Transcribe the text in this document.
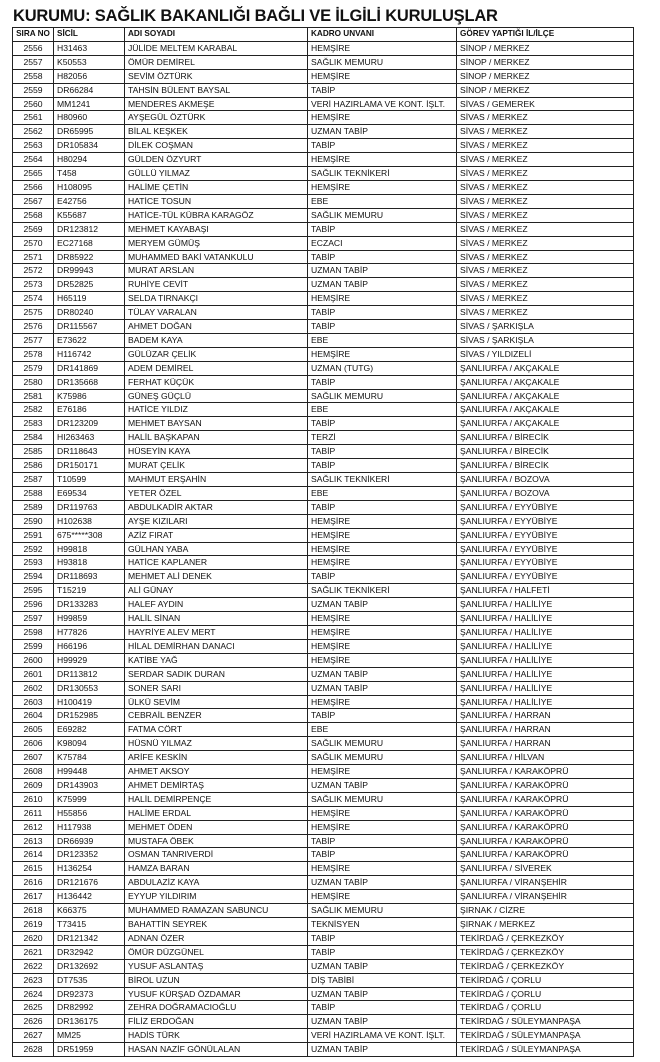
KURUMU: SAĞLIK BAKANLIĞI BAĞLI VE İLGİLİ KURULUŞLAR
SIRA NO	SİCİL	ADI SOYADI	KADRO UNVANI	GÖREV YAPTIĞI İL/İLÇE
2556	H31463	JÜLİDE MELTEM KARABAL	HEMŞİRE	SİNOP / MERKEZ
2557	K50553	ÖMÜR DEMİREL	SAĞLIK MEMURU	SİNOP / MERKEZ
2558	H82056	SEVİM ÖZTÜRK	HEMŞİRE	SİNOP / MERKEZ
2559	DR66284	TAHSİN BÜLENT BAYSAL	TABİP	SİNOP / MERKEZ
2560	MM1241	MENDERES AKMEŞE	VERİ HAZIRLAMA VE KONT. İŞLT.	SİVAS / GEMEREK
2561	H80960	AYŞEGÜL ÖZTÜRK	HEMŞİRE	SİVAS / MERKEZ
2562	DR65995	BİLAL KEŞKEK	UZMAN TABİP	SİVAS / MERKEZ
2563	DR105834	DİLEK COŞMAN	TABİP	SİVAS / MERKEZ
2564	H80294	GÜLDEN ÖZYURT	HEMŞİRE	SİVAS / MERKEZ
2565	T458	GÜLLÜ YILMAZ	SAĞLIK TEKNİKERİ	SİVAS / MERKEZ
2566	H108095	HALİME ÇETİN	HEMŞİRE	SİVAS / MERKEZ
2567	E42756	HATİCE TOSUN	EBE	SİVAS / MERKEZ
2568	K55687	HATİCE-TÜL KÜBRA KARAGÖZ	SAĞLIK MEMURU	SİVAS / MERKEZ
2569	DR123812	MEHMET KAYABAŞI	TABİP	SİVAS / MERKEZ
2570	EC27168	MERYEM GÜMÜŞ	ECZACI	SİVAS / MERKEZ
2571	DR85922	MUHAMMED BAKİ VATANKULU	TABİP	SİVAS / MERKEZ
2572	DR99943	MURAT ARSLAN	UZMAN TABİP	SİVAS / MERKEZ
2573	DR52825	RUHİYE CEVİT	UZMAN TABİP	SİVAS / MERKEZ
2574	H65119	SELDA TIRNAKÇI	HEMŞİRE	SİVAS / MERKEZ
2575	DR80240	TÜLAY VARALAN	TABİP	SİVAS / MERKEZ
2576	DR115567	AHMET DOĞAN	TABİP	SİVAS / ŞARKIŞLA
2577	E73622	BADEM KAYA	EBE	SİVAS / ŞARKIŞLA
2578	H116742	GÜLÜZAR ÇELİK	HEMŞİRE	SİVAS / YILDIZELİ
2579	DR141869	ADEM DEMİREL	UZMAN (TUTG)	ŞANLIURFA / AKÇAKALE
2580	DR135668	FERHAT KÜÇÜK	TABİP	ŞANLIURFA / AKÇAKALE
2581	K75986	GÜNEŞ GÜÇLÜ	SAĞLIK MEMURU	ŞANLIURFA / AKÇAKALE
2582	E76186	HATİCE YILDIZ	EBE	ŞANLIURFA / AKÇAKALE
2583	DR123209	MEHMET BAYSAN	TABİP	ŞANLIURFA / AKÇAKALE
2584	HI263463	HALİL BAŞKAPAN	TERZİ	ŞANLIURFA / BİRECİK
2585	DR118643	HÜSEYİN KAYA	TABİP	ŞANLIURFA / BİRECİK
2586	DR150171	MURAT ÇELİK	TABİP	ŞANLIURFA / BİRECİK
2587	T10599	MAHMUT ERŞAHİN	SAĞLIK TEKNİKERİ	ŞANLIURFA / BOZOVA
2588	E69534	YETER ÖZEL	EBE	ŞANLIURFA / BOZOVA
2589	DR119763	ABDULKADİR AKTAR	TABİP	ŞANLIURFA / EYYÜBİYE
2590	H102638	AYŞE KIZILARI	HEMŞİRE	ŞANLIURFA / EYYÜBİYE
2591	675*****308	AZİZ FIRAT	HEMŞİRE	ŞANLIURFA / EYYÜBİYE
2592	H99818	GÜLHAN YABA	HEMŞİRE	ŞANLIURFA / EYYÜBİYE
2593	H93818	HATİCE KAPLANER	HEMŞİRE	ŞANLIURFA / EYYÜBİYE
2594	DR118693	MEHMET ALİ DENEK	TABİP	ŞANLIURFA / EYYÜBİYE
2595	T15219	ALİ GÜNAY	SAĞLIK TEKNİKERİ	ŞANLIURFA / HALFETİ
2596	DR133283	HALEF AYDIN	UZMAN TABİP	ŞANLIURFA / HALİLİYE
2597	H99859	HALİL SİNAN	HEMŞİRE	ŞANLIURFA / HALİLİYE
2598	H77826	HAYRİYE ALEV MERT	HEMŞİRE	ŞANLIURFA / HALİLİYE
2599	H66196	HİLAL DEMİRHAN DANACI	HEMŞİRE	ŞANLIURFA / HALİLİYE
2600	H99929	KATİBE YAĞ	HEMŞİRE	ŞANLIURFA / HALİLİYE
2601	DR113812	SERDAR SADIK DURAN	UZMAN TABİP	ŞANLIURFA / HALİLİYE
2602	DR130553	SONER SARI	UZMAN TABİP	ŞANLIURFA / HALİLİYE
2603	H100419	ÜLKÜ SEVİM	HEMŞİRE	ŞANLIURFA / HALİLİYE
2604	DR152985	CEBRAİL BENZER	TABİP	ŞANLIURFA / HARRAN
2605	E69282	FATMA CÖRT	EBE	ŞANLIURFA / HARRAN
2606	K98094	HÜSNÜ YILMAZ	SAĞLIK MEMURU	ŞANLIURFA / HARRAN
2607	K75784	ARİFE KESKİN	SAĞLIK MEMURU	ŞANLIURFA / HİLVAN
2608	H99448	AHMET AKSOY	HEMŞİRE	ŞANLIURFA / KARAKÖPRÜ
2609	DR143903	AHMET DEMİRTAŞ	UZMAN TABİP	ŞANLIURFA / KARAKÖPRÜ
2610	K75999	HALİL DEMİRPENÇE	SAĞLIK MEMURU	ŞANLIURFA / KARAKÖPRÜ
2611	H55856	HALİME ERDAL	HEMŞİRE	ŞANLIURFA / KARAKÖPRÜ
2612	H117938	MEHMET ÖDEN	HEMŞİRE	ŞANLIURFA / KARAKÖPRÜ
2613	DR66939	MUSTAFA ÖBEK	TABİP	ŞANLIURFA / KARAKÖPRÜ
2614	DR123352	OSMAN TANRIVERDİ	TABİP	ŞANLIURFA / KARAKÖPRÜ
2615	H136254	HAMZA BARAN	HEMŞİRE	ŞANLIURFA / SİVEREK
2616	DR121676	ABDULAZİZ KAYA	UZMAN TABİP	ŞANLIURFA / VİRANŞEHİR
2617	H136442	EYYUP YILDIRIM	HEMŞİRE	ŞANLIURFA / VİRANŞEHİR
2618	K66375	MUHAMMED RAMAZAN SABUNCU	SAĞLIK MEMURU	ŞIRNAK / CİZRE
2619	T73415	BAHATTİN SEYREK	TEKNİSYEN	ŞIRNAK / MERKEZ
2620	DR121342	ADNAN ÖZER	TABİP	TEKİRDAĞ / ÇERKEZKÖY
2621	DR32942	ÖMÜR DÜZGÜNEL	TABİP	TEKİRDAĞ / ÇERKEZKÖY
2622	DR132692	YUSUF ASLANTAŞ	UZMAN TABİP	TEKİRDAĞ / ÇERKEZKÖY
2623	DT7535	BİROL UZUN	DİŞ TABİBİ	TEKİRDAĞ / ÇORLU
2624	DR92373	YUSUF KÜRŞAD ÖZDAMAR	UZMAN TABİP	TEKİRDAĞ / ÇORLU
2625	DR82992	ZEHRA DOĞRAMACIOĞLU	TABİP	TEKİRDAĞ / ÇORLU
2626	DR136175	FİLİZ ERDOĞAN	UZMAN TABİP	TEKİRDAĞ / SÜLEYMANPAŞA
2627	MM25	HADİS TÜRK	VERİ HAZIRLAMA VE KONT. İŞLT.	TEKİRDAĞ / SÜLEYMANPAŞA
2628	DR51959	HASAN NAZİF GÖNÜLALAN	UZMAN TABİP	TEKİRDAĞ / SÜLEYMANPAŞA
